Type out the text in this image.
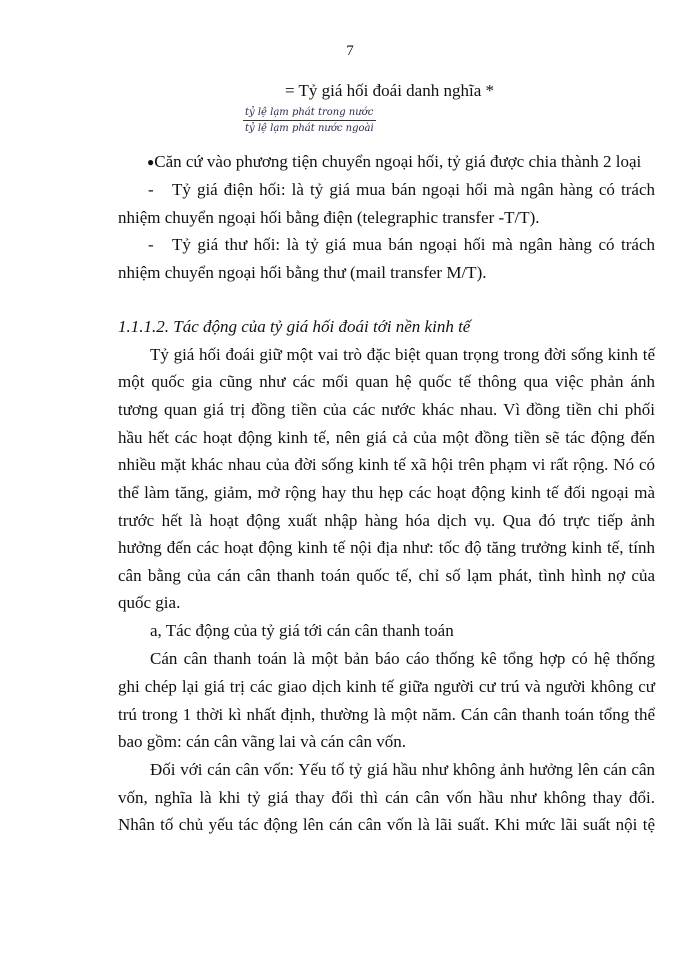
7
= Tỷ giá hối đoái danh nghĩa *
tỷ lệ lạm phát trong nước
tỷ lệ lạm phát nước ngoài
●Căn cứ vào phương tiện chuyển ngoại hối, tỷ giá được chia thành 2 loại
- Tỷ giá điện hối: là tỷ giá mua bán ngoại hối mà ngân hàng có trách
nhiệm chuyển ngoại hối bằng điện (telegraphic transfer -T/T).
- Tỷ giá thư hối: là tỷ giá mua bán ngoại hối mà ngân hàng có trách
nhiệm chuyển ngoại hối bằng thư (mail transfer M/T).
1.1.1.2. Tác động của tỷ giá hối đoái tới nền kinh tế
Tỷ giá hối đoái giữ một vai trò đặc biệt quan trọng trong đời sống kinh tế
một quốc gia cũng như các mối quan hệ quốc tế thông qua việc phản ánh
tương quan giá trị đồng tiền của các nước khác nhau. Vì đồng tiền chi phối
hầu hết các hoạt động kinh tế, nên giá cả của một đồng tiền sẽ tác động đến
nhiều mặt khác nhau của đời sống kinh tế xã hội trên phạm vi rất rộng. Nó có
thể làm tăng, giảm, mở rộng hay thu hẹp các hoạt động kinh tế đối ngoại mà
trước hết là hoạt động xuất nhập hàng hóa dịch vụ. Qua đó trực tiếp ảnh
hưởng đến các hoạt động kinh tế nội địa như: tốc độ tăng trưởng kinh tế, tính
cân bằng của cán cân thanh toán quốc tế, chỉ số lạm phát, tình hình nợ của
quốc gia.
a, Tác động của tỷ giá tới cán cân thanh toán
Cán cân thanh toán là một bản báo cáo thống kê tổng hợp có hệ thống
ghi chép lại giá trị các giao dịch kinh tế giữa người cư trú và người không cư
trú trong 1 thời kì nhất định, thường là một năm. Cán cân thanh toán tổng thể
bao gồm: cán cân vãng lai và cán cân vốn.
Đối với cán cân vốn: Yếu tố tỷ giá hầu như không ảnh hưởng lên cán cân
vốn, nghĩa là khi tỷ giá thay đổi thì cán cân vốn hầu như không thay đổi.
Nhân tố chủ yếu tác động lên cán cân vốn là lãi suất. Khi mức lãi suất nội tệ
